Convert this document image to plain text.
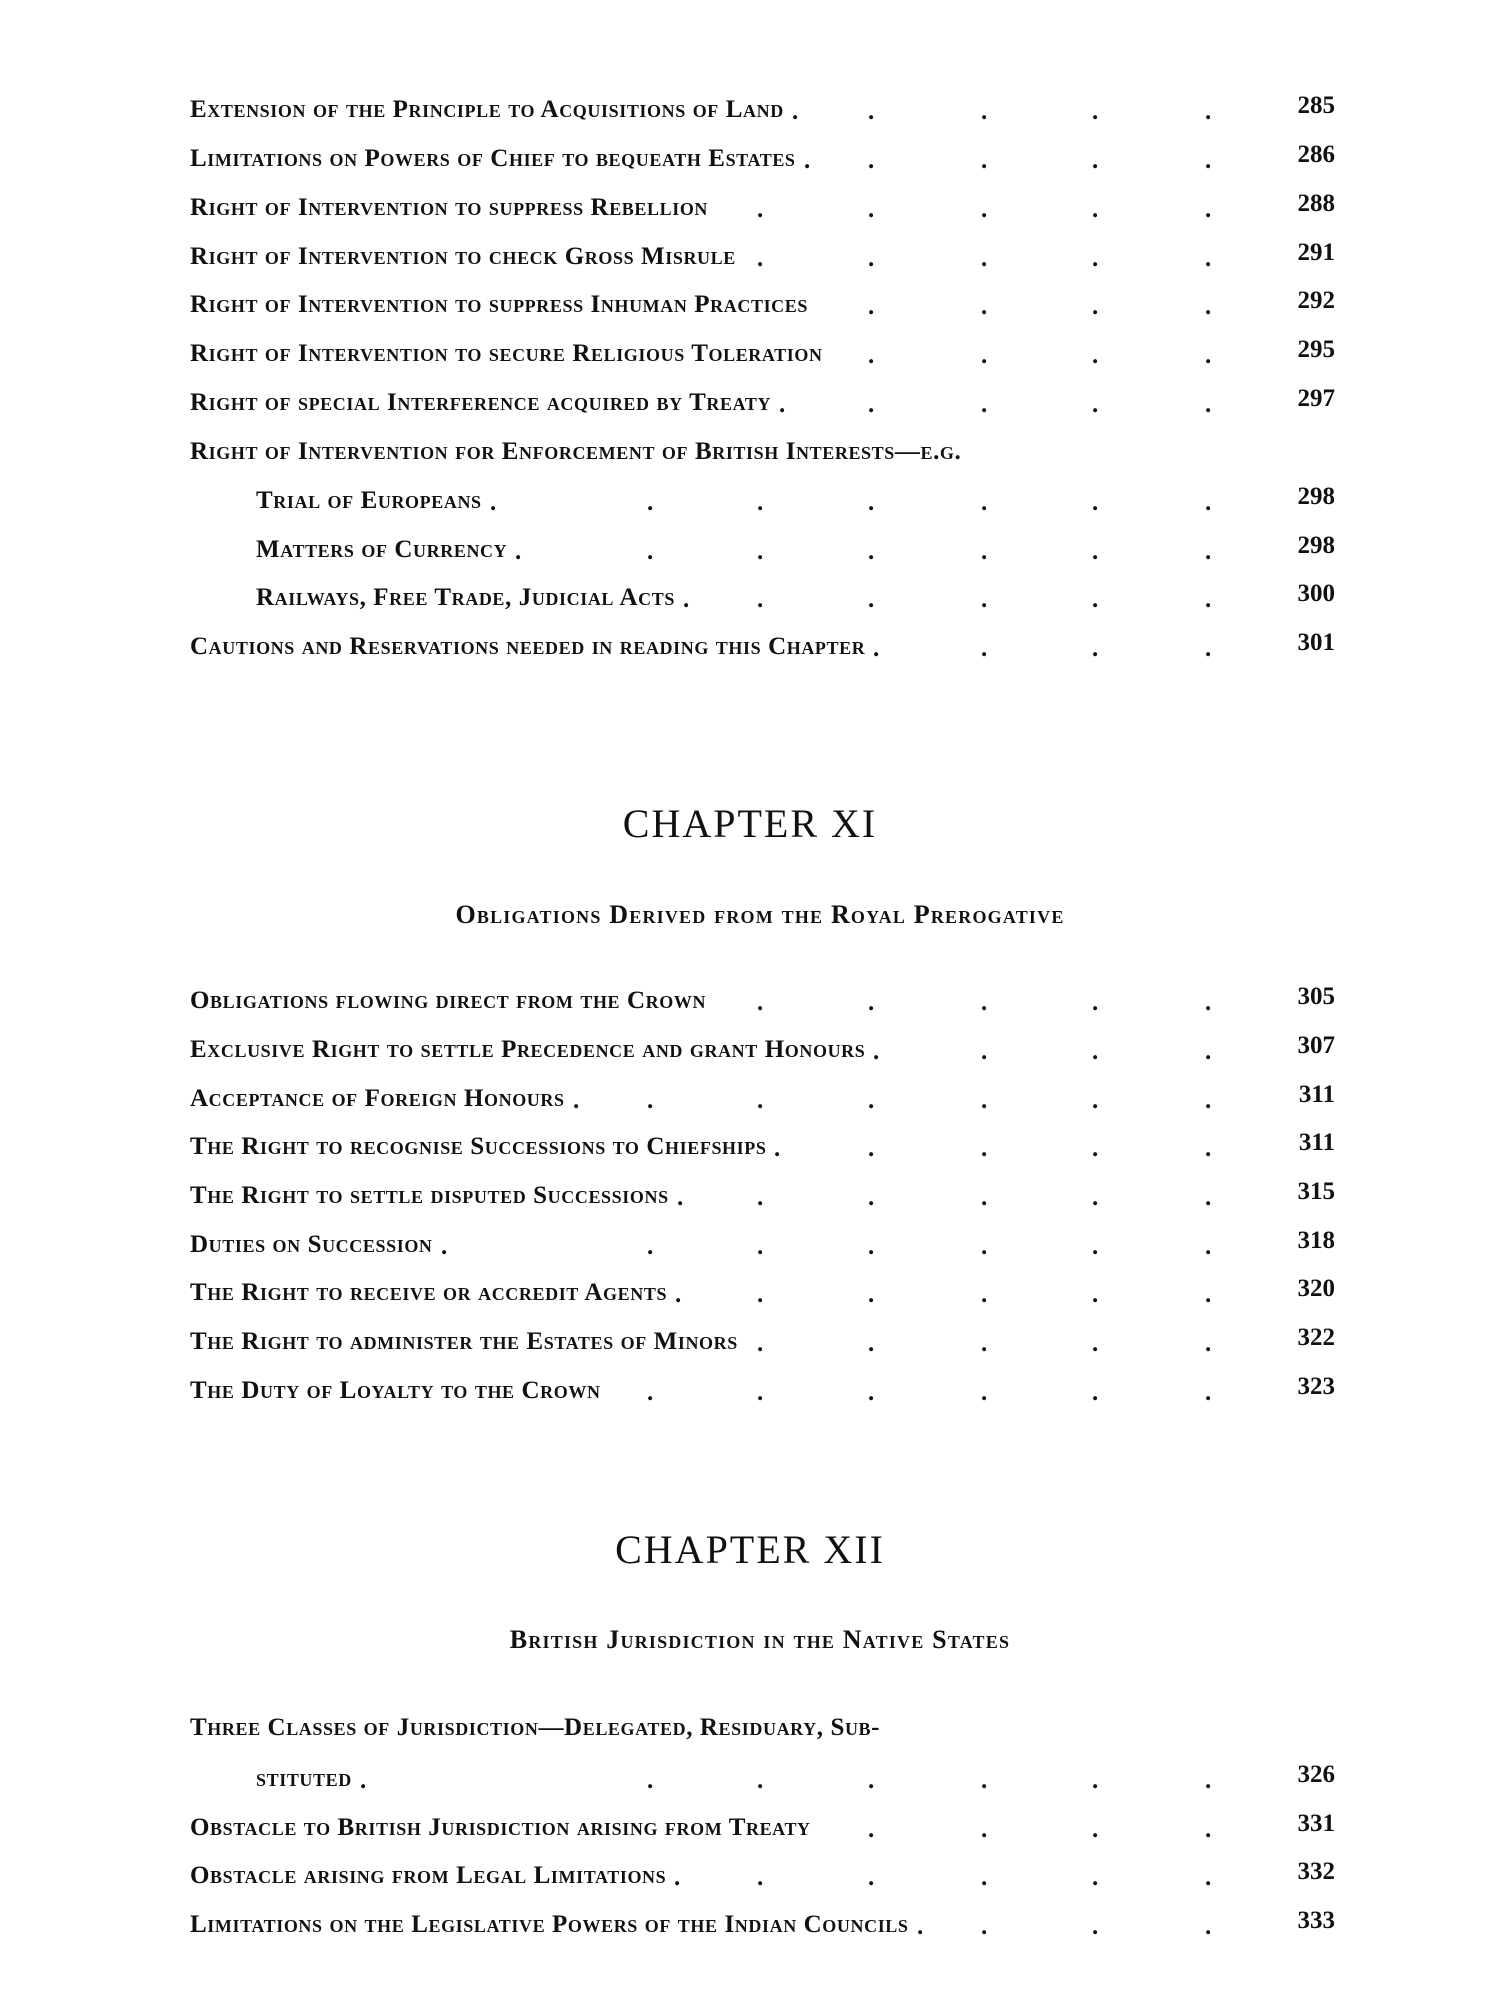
Extension of the Principle to Acquisitions of Land	285
.	.	.	.
.
Limitations on Powers of Chief to bequeath Estates	286
.	.	.	.
.
Right of Intervention to suppress Rebellion	288
.	.	.	.	.
Right of Intervention to check Gross Misrule	291
.	.	.	.	.
Right of Intervention to suppress Inhuman Practices	292
.	.	.	.
Right of Intervention to secure Religious Toleration	295
.	.	.	.
Right of special Interference acquired by Treaty	297
.	.	.	.
.
Right of Intervention for Enforcement of British Interests—e.g.
Trial of Europeans	298
.	.	.	.	.	.
.
Matters of Currency	298
.	.	.	.	.	.
.
Railways, Free Trade, Judicial Acts	300
.	.	.	.	.
.
Cautions and Reservations needed in reading this Chapter	301
.	.	.
.
CHAPTER XI
Obligations Derived from the Royal Prerogative
Obligations flowing direct from the Crown	305
.	.	.	.	.
Exclusive Right to settle Precedence and grant Honours	307
.	.	.
.
Acceptance of Foreign Honours	311
.	.	.	.	.	.
.
The Right to recognise Successions to Chiefships	311
.	.	.	.
.
The Right to settle disputed Successions	315
.	.	.	.	.
.
Duties on Succession	318
.	.	.	.	.	.
.
The Right to receive or accredit Agents	320
.	.	.	.	.
.
The Right to administer the Estates of Minors	322
.	.	.	.	.
The Duty of Loyalty to the Crown	323
.	.	.	.	.	.
CHAPTER XII
British Jurisdiction in the Native States
Three Classes of Jurisdiction—Delegated, Residuary, Sub-
stituted	326
.	.	.	.	.	.
.
Obstacle to British Jurisdiction arising from Treaty	331
.	.	.	.
Obstacle arising from Legal Limitations	332
.	.	.	.	.
.
Limitations on the Legislative Powers of the Indian Councils	333
.	.	.
.
